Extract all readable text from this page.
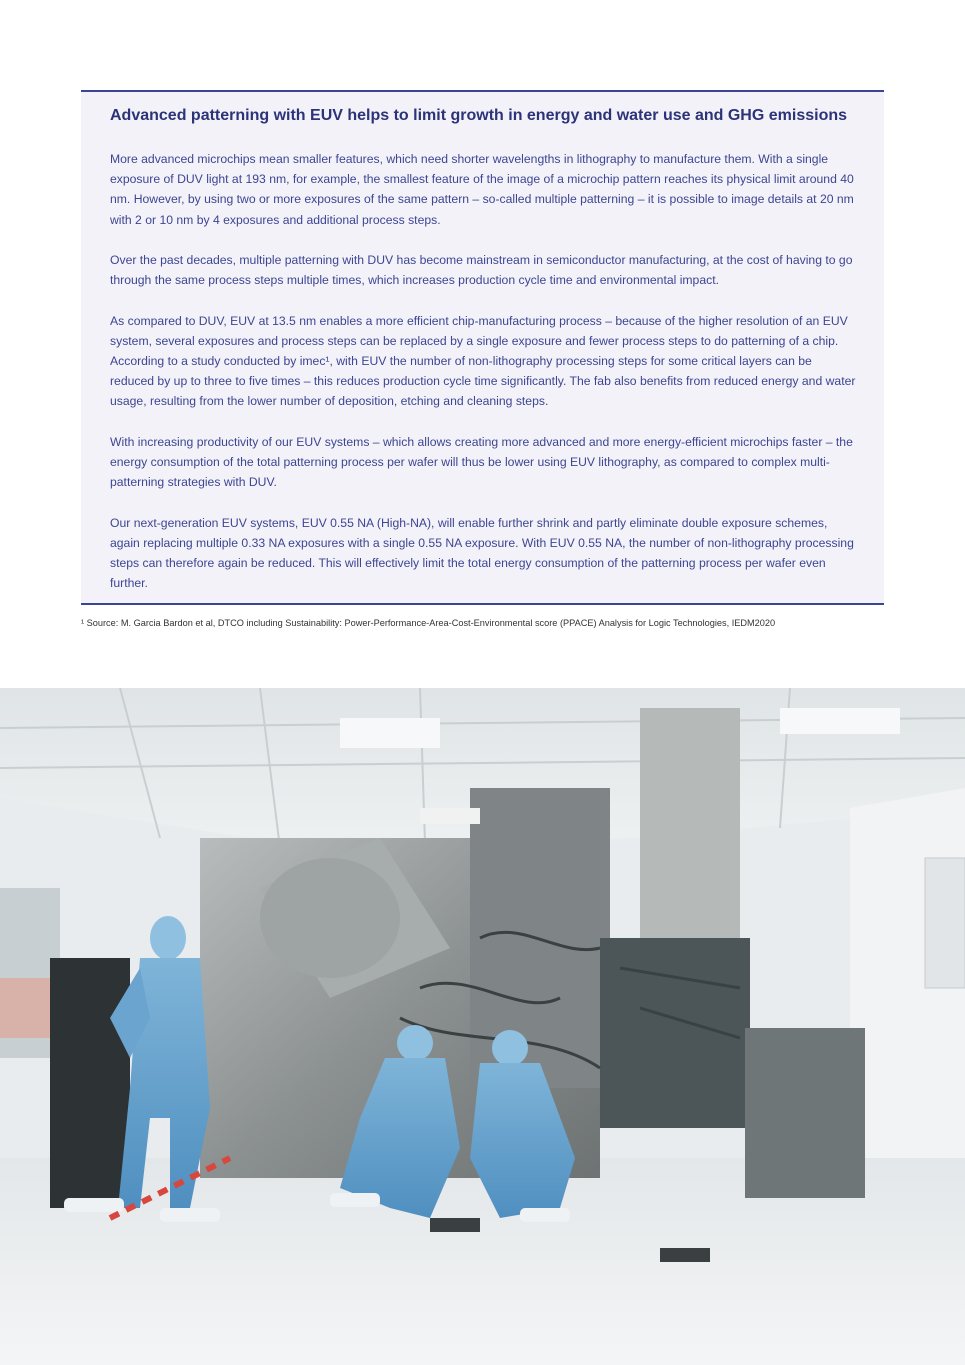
Advanced patterning with EUV helps to limit growth in energy and water use and GHG emissions

More advanced microchips mean smaller features, which need shorter wavelengths in lithography to manufacture them. With a single exposure of DUV light at 193 nm, for example, the smallest feature of the image of a microchip pattern reaches its physical limit around 40 nm. However, by using two or more exposures of the same pattern – so-called multiple patterning – it is possible to image details at 20 nm with 2 or 10 nm by 4 exposures and additional process steps.

Over the past decades, multiple patterning with DUV has become mainstream in semiconductor manufacturing, at the cost of having to go through the same process steps multiple times, which increases production cycle time and environmental impact.

As compared to DUV, EUV at 13.5 nm enables a more efficient chip-manufacturing process – because of the higher resolution of an EUV system, several exposures and process steps can be replaced by a single exposure and fewer process steps to do patterning of a chip. According to a study conducted by imec¹, with EUV the number of non-lithography processing steps for some critical layers can be reduced by up to three to five times – this reduces production cycle time significantly. The fab also benefits from reduced energy and water usage, resulting from the lower number of deposition, etching and cleaning steps.

With increasing productivity of our EUV systems – which allows creating more advanced and more energy-efficient microchips faster – the energy consumption of the total patterning process per wafer will thus be lower using EUV lithography, as compared to complex multi-patterning strategies with DUV.

Our next-generation EUV systems, EUV 0.55 NA (High-NA), will enable further shrink and partly eliminate double exposure schemes, again replacing multiple 0.33 NA exposures with a single 0.55 NA exposure. With EUV 0.55 NA, the number of non-lithography processing steps can therefore again be reduced. This will effectively limit the total energy consumption of the patterning process per wafer even further.

¹ Source: M. Garcia Bardon et al, DTCO including Sustainability: Power-Performance-Area-Cost-Environmental score (PPACE) Analysis for Logic Technologies, IEDM2020
